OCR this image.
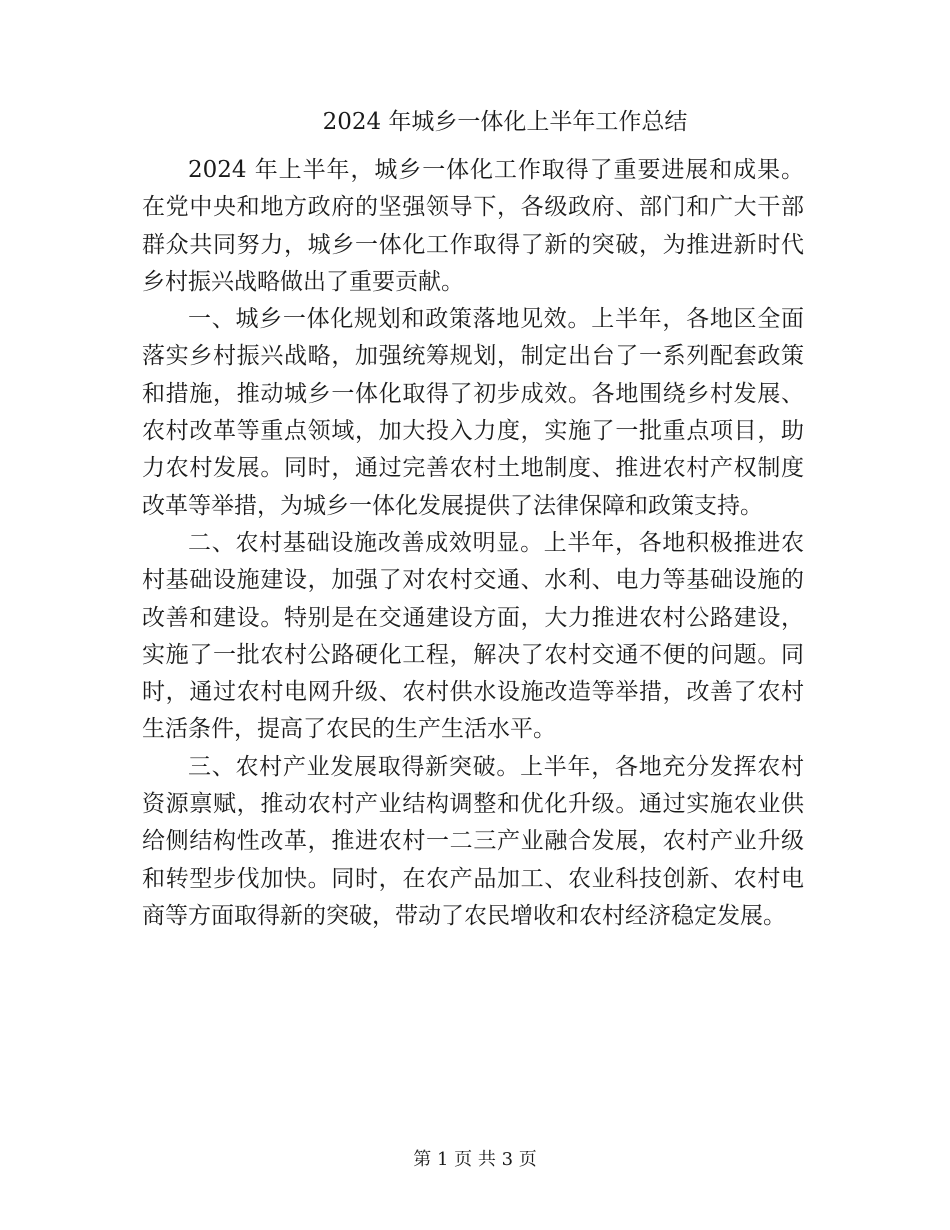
2024 年城乡一体化上半年工作总结

2024 年上半年，城乡一体化工作取得了重要进展和成果。在党中央和地方政府的坚强领导下，各级政府、部门和广大干部群众共同努力，城乡一体化工作取得了新的突破，为推进新时代乡村振兴战略做出了重要贡献。

一、城乡一体化规划和政策落地见效。上半年，各地区全面落实乡村振兴战略，加强统筹规划，制定出台了一系列配套政策和措施，推动城乡一体化取得了初步成效。各地围绕乡村发展、农村改革等重点领域，加大投入力度，实施了一批重点项目，助力农村发展。同时，通过完善农村土地制度、推进农村产权制度改革等举措，为城乡一体化发展提供了法律保障和政策支持。

二、农村基础设施改善成效明显。上半年，各地积极推进农村基础设施建设，加强了对农村交通、水利、电力等基础设施的改善和建设。特别是在交通建设方面，大力推进农村公路建设，实施了一批农村公路硬化工程，解决了农村交通不便的问题。同时，通过农村电网升级、农村供水设施改造等举措，改善了农村生活条件，提高了农民的生产生活水平。

三、农村产业发展取得新突破。上半年，各地充分发挥农村资源禀赋，推动农村产业结构调整和优化升级。通过实施农业供给侧结构性改革，推进农村一二三产业融合发展，农村产业升级和转型步伐加快。同时，在农产品加工、农业科技创新、农村电商等方面取得新的突破，带动了农民增收和农村经济稳定发展。

第 1 页 共 3 页
